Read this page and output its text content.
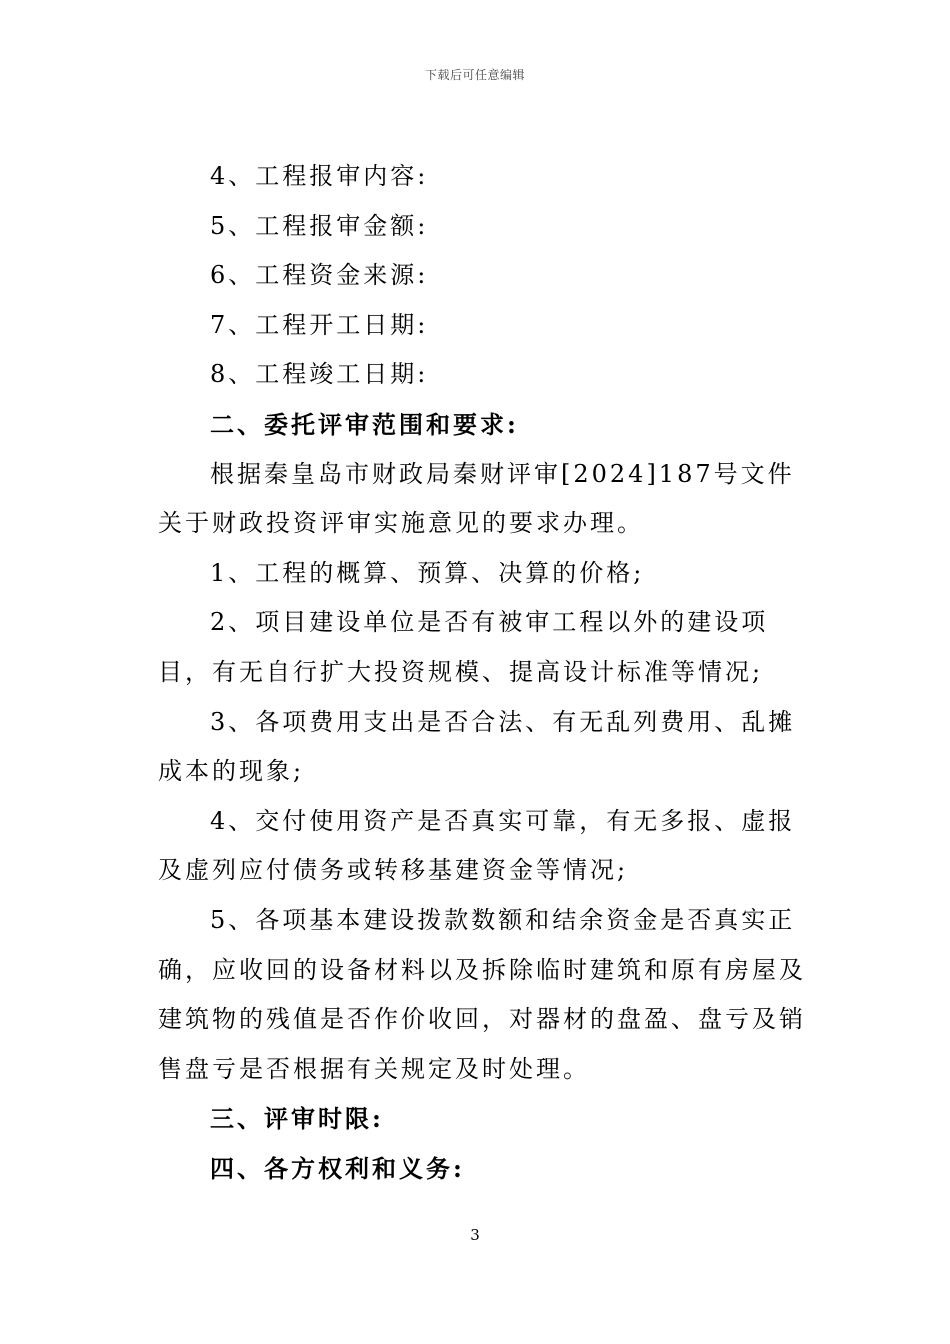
下载后可任意编辑

4、工程报审内容:

5、工程报审金额:

6、工程资金来源:

7、工程开工日期:

8、工程竣工日期:

二、委托评审范围和要求:

根据秦皇岛市财政局秦财评审[2024]187号文件关于财政投资评审实施意见的要求办理。

1、工程的概算、预算、决算的价格;

2、项目建设单位是否有被审工程以外的建设项目，有无自行扩大投资规模、提高设计标准等情况;

3、各项费用支出是否合法、有无乱列费用、乱摊成本的现象;

4、交付使用资产是否真实可靠，有无多报、虚报及虚列应付债务或转移基建资金等情况;

5、各项基本建设拨款数额和结余资金是否真实正确，应收回的设备材料以及拆除临时建筑和原有房屋及建筑物的残值是否作价收回，对器材的盘盈、盘亏及销售盘亏是否根据有关规定及时处理。

三、评审时限:

四、各方权利和义务:

3
